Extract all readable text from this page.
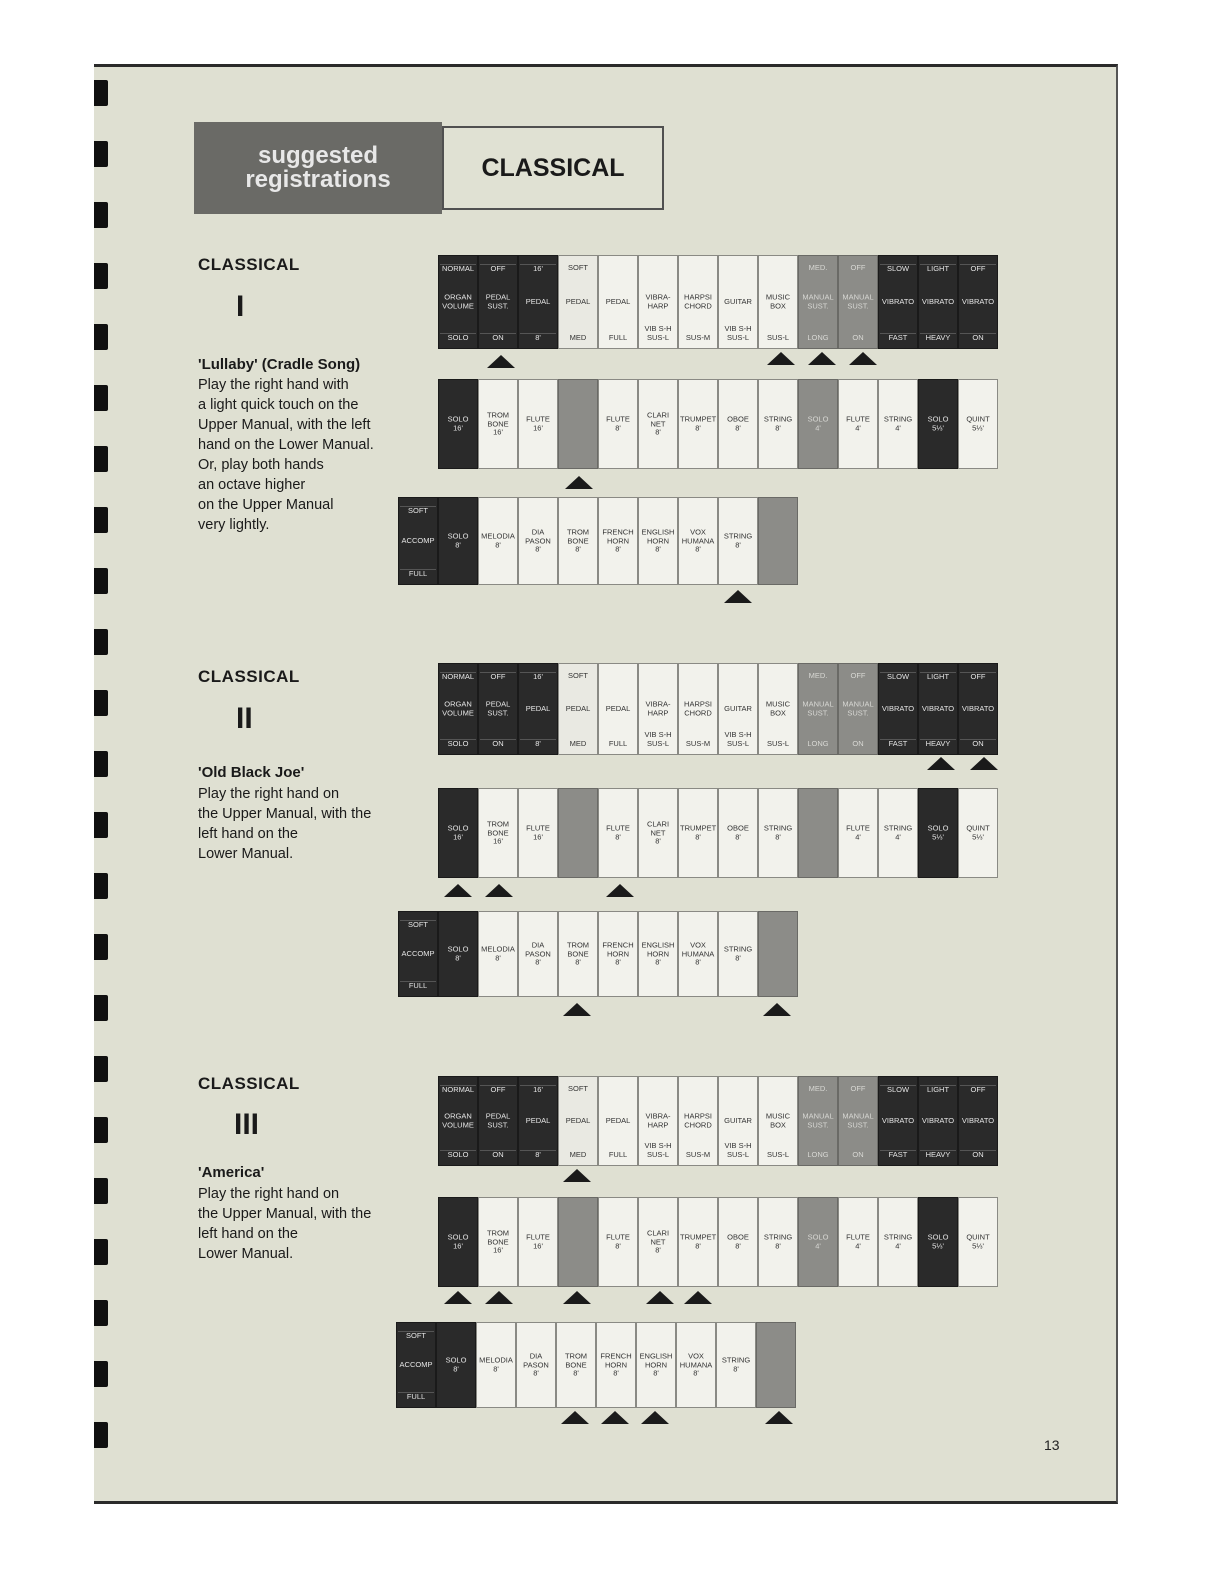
suggested
registrations	CLASSICAL
CLASSICAL
I
'Lullaby' (Cradle Song)
Play the right hand with
a light quick touch on the
Upper Manual, with the left
hand on the Lower Manual.
Or, play both hands
an octave higher
on the Upper Manual
very lightly.
CLASSICAL
II
'Old Black Joe'
Play the right hand on
the Upper Manual, with the
left hand on the
Lower Manual.
CLASSICAL
III
'America'
Play the right hand on
the Upper Manual, with the
left hand on the
Lower Manual.
NORMAL
ORGAN
VOLUME
SOLO
OFF
PEDAL
SUST.
ON
16'
PEDAL
8'
SOFT
PEDAL
MED
PEDAL
FULL
VIBRA-
HARP
VIB S-H
SUS-L
HARPSI
CHORD
SUS-M
GUITAR
VIB S-H
SUS-L
MUSIC
BOX
SUS-L
MED.
MANUAL
SUST.
LONG
OFF
MANUAL
SUST.
ON
SLOW
VIBRATO
FAST
LIGHT
VIBRATO
HEAVY
OFF
VIBRATO
ON
SOLO
16'
TROM
BONE
16'
FLUTE
16'
FLUTE
8'
CLARI
NET
8'
TRUMPET
8'
OBOE
8'
STRING
8'
SOLO
4'
FLUTE
4'
STRING
4'
SOLO
5⅓'
QUINT
5⅓'
SOFT
ACCOMP
FULL
SOLO
8'
MELODIA
8'
DIA
PASON
8'
TROM
BONE
8'
FRENCH
HORN
8'
ENGLISH
HORN
8'
VOX
HUMANA
8'
STRING
8'
NORMAL
ORGAN
VOLUME
SOLO
OFF
PEDAL
SUST.
ON
16'
PEDAL
8'
SOFT
PEDAL
MED
PEDAL
FULL
VIBRA-
HARP
VIB S-H
SUS-L
HARPSI
CHORD
SUS-M
GUITAR
VIB S-H
SUS-L
MUSIC
BOX
SUS-L
MED.
MANUAL
SUST.
LONG
OFF
MANUAL
SUST.
ON
SLOW
VIBRATO
FAST
LIGHT
VIBRATO
HEAVY
OFF
VIBRATO
ON
SOLO
16'
TROM
BONE
16'
FLUTE
16'
FLUTE
8'
CLARI
NET
8'
TRUMPET
8'
OBOE
8'
STRING
8'
FLUTE
4'
STRING
4'
SOLO
5⅓'
QUINT
5⅓'
SOFT
ACCOMP
FULL
SOLO
8'
MELODIA
8'
DIA
PASON
8'
TROM
BONE
8'
FRENCH
HORN
8'
ENGLISH
HORN
8'
VOX
HUMANA
8'
STRING
8'
NORMAL
ORGAN
VOLUME
SOLO
OFF
PEDAL
SUST.
ON
16'
PEDAL
8'
SOFT
PEDAL
MED
PEDAL
FULL
VIBRA-
HARP
VIB S-H
SUS-L
HARPSI
CHORD
SUS-M
GUITAR
VIB S-H
SUS-L
MUSIC
BOX
SUS-L
MED.
MANUAL
SUST.
LONG
OFF
MANUAL
SUST.
ON
SLOW
VIBRATO
FAST
LIGHT
VIBRATO
HEAVY
OFF
VIBRATO
ON
SOLO
16'
TROM
BONE
16'
FLUTE
16'
FLUTE
8'
CLARI
NET
8'
TRUMPET
8'
OBOE
8'
STRING
8'
SOLO
4'
FLUTE
4'
STRING
4'
SOLO
5⅓'
QUINT
5⅓'
SOFT
ACCOMP
FULL
SOLO
8'
MELODIA
8'
DIA
PASON
8'
TROM
BONE
8'
FRENCH
HORN
8'
ENGLISH
HORN
8'
VOX
HUMANA
8'
STRING
8'
13
